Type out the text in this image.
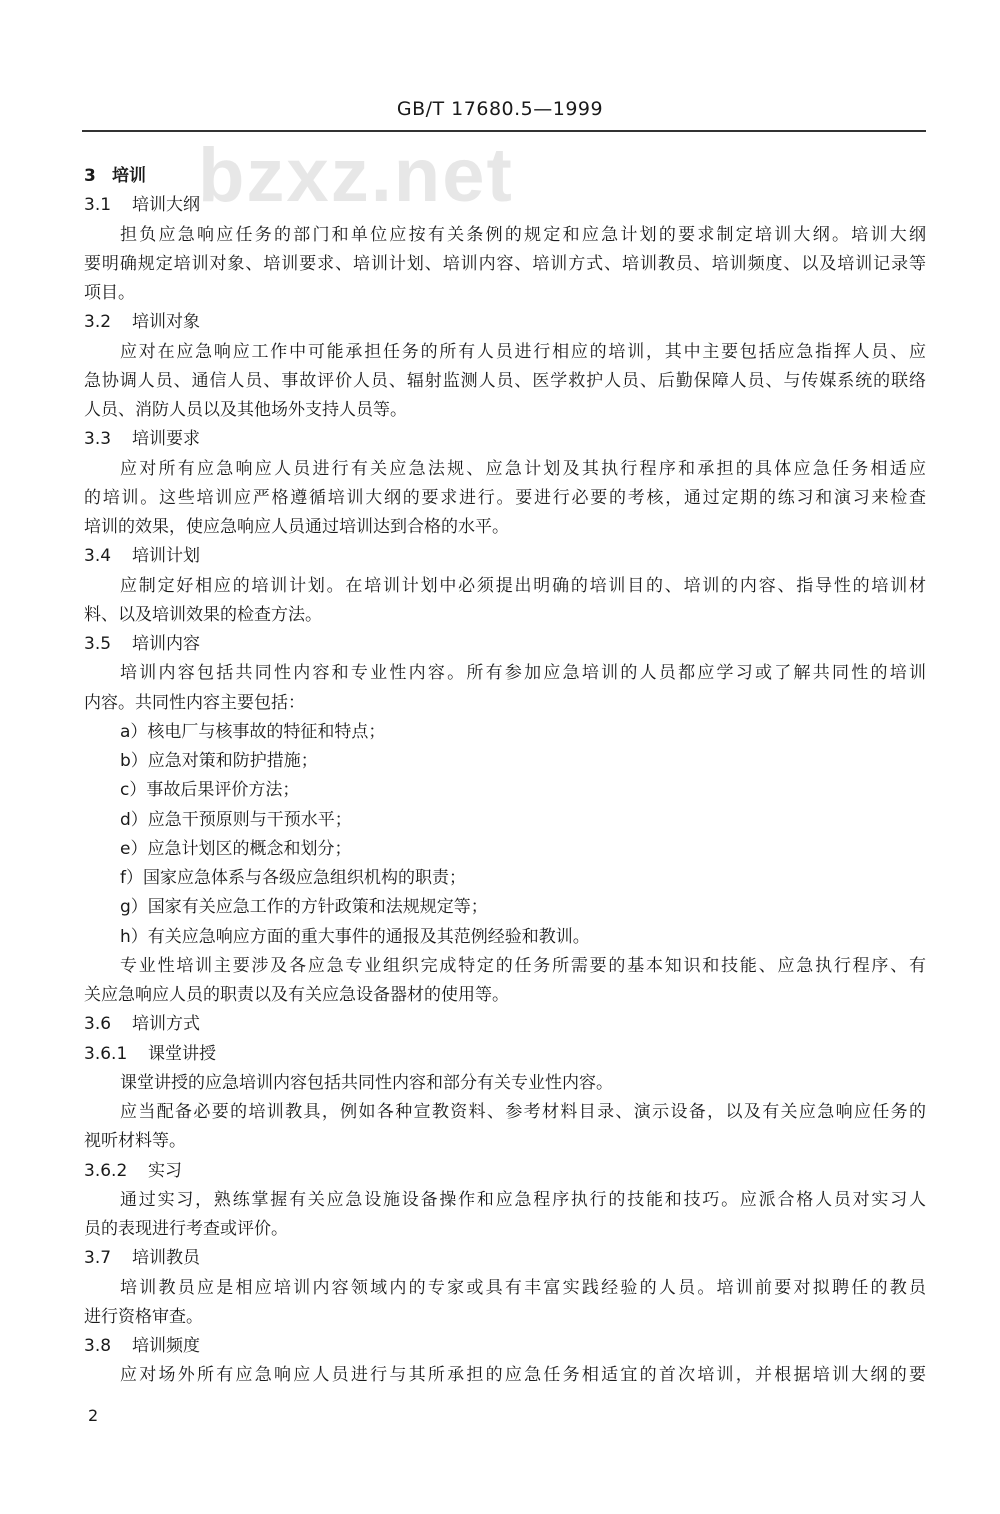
GB/T 17680.5—1999
bzxz.net
3 培训
3.1 培训大纲
担负应急响应任务的部门和单位应按有关条例的规定和应急计划的要求制定培训大纲。培训大纲
要明确规定培训对象、培训要求、培训计划、培训内容、培训方式、培训教员、培训频度、以及培训记录等
项目。
3.2 培训对象
应对在应急响应工作中可能承担任务的所有人员进行相应的培训，其中主要包括应急指挥人员、应
急协调人员、通信人员、事故评价人员、辐射监测人员、医学救护人员、后勤保障人员、与传媒系统的联络
人员、消防人员以及其他场外支持人员等。
3.3 培训要求
应对所有应急响应人员进行有关应急法规、应急计划及其执行程序和承担的具体应急任务相适应
的培训。这些培训应严格遵循培训大纲的要求进行。要进行必要的考核，通过定期的练习和演习来检查
培训的效果，使应急响应人员通过培训达到合格的水平。
3.4 培训计划
应制定好相应的培训计划。在培训计划中必须提出明确的培训目的、培训的内容、指导性的培训材
料、以及培训效果的检查方法。
3.5 培训内容
培训内容包括共同性内容和专业性内容。所有参加应急培训的人员都应学习或了解共同性的培训
内容。共同性内容主要包括：
a）核电厂与核事故的特征和特点；
b）应急对策和防护措施；
c）事故后果评价方法；
d）应急干预原则与干预水平；
e）应急计划区的概念和划分；
f）国家应急体系与各级应急组织机构的职责；
g）国家有关应急工作的方针政策和法规规定等；
h）有关应急响应方面的重大事件的通报及其范例经验和教训。
专业性培训主要涉及各应急专业组织完成特定的任务所需要的基本知识和技能、应急执行程序、有
关应急响应人员的职责以及有关应急设备器材的使用等。
3.6 培训方式
3.6.1 课堂讲授
课堂讲授的应急培训内容包括共同性内容和部分有关专业性内容。
应当配备必要的培训教具，例如各种宣教资料、参考材料目录、演示设备，以及有关应急响应任务的
视听材料等。
3.6.2 实习
通过实习，熟练掌握有关应急设施设备操作和应急程序执行的技能和技巧。应派合格人员对实习人
员的表现进行考查或评价。
3.7 培训教员
培训教员应是相应培训内容领域内的专家或具有丰富实践经验的人员。培训前要对拟聘任的教员
进行资格审查。
3.8 培训频度
应对场外所有应急响应人员进行与其所承担的应急任务相适宜的首次培训，并根据培训大纲的要
2
